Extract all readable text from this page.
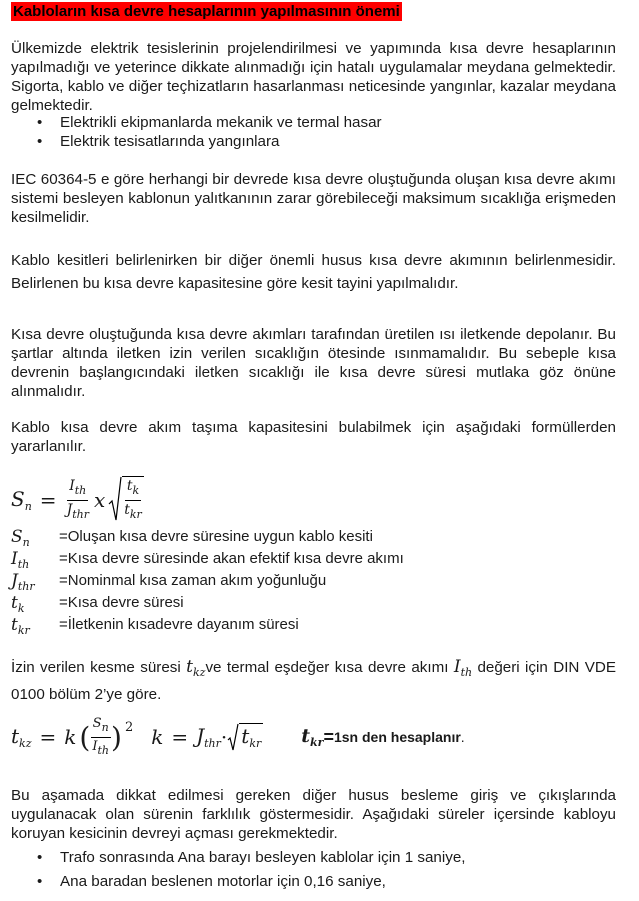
Kabloların kısa devre hesaplarının yapılmasının önemi

Ülkemizde elektrik tesislerinin projelendirilmesi ve yapımında kısa devre hesaplarının yapılmadığı ve yeterince dikkate alınmadığı için hatalı uygulamalar meydana gelmektedir. Sigorta, kablo ve diğer teçhizatların hasarlanması neticesinde yangınlar, kazalar meydana gelmektedir.

• Elektrikli ekipmanlarda mekanik ve termal hasar
• Elektrik tesisatlarında yangınlara

IEC 60364-5 e göre herhangi bir devrede kısa devre oluştuğunda oluşan kısa devre akımı sistemi besleyen kablonun yalıtkanının zarar görebileceği maksimum sıcaklığa erişmeden kesilmelidir.

Kablo kesitleri belirlenirken bir diğer önemli husus kısa devre akımının belirlenmesidir. Belirlenen bu kısa devre kapasitesine göre kesit tayini yapılmalıdır.

Kısa devre oluştuğunda kısa devre akımları tarafından üretilen ısı iletkende depolanır. Bu şartlar altında iletken izin verilen sıcaklığın ötesinde ısınmamalıdır. Bu sebeple kısa devrenin başlangıcındaki iletken sıcaklığı ile kısa devre süresi mutlaka göz önüne alınmalıdır.

Kablo kısa devre akım taşıma kapasitesini bulabilmek için aşağıdaki formüllerden yararlanılır.

$S_n = \frac{I_{th}}{J_{thr}}$ x $\frac{t_k}{t_{kr}}$
$S_n$ =Oluşan kısa devre süresine uygun kablo kesiti
$I_{th}$ =Kısa devre süresinde akan efektif kısa devre akımı
$J_{thr}$ =Nominmal kısa zaman akım yoğunluğu
$t_k$ =Kısa devre süresi
$t_{kr}$ =İletkenin kısadevre dayanım süresi

İzin verilen kesme süresi $t_{kz}ve$ termal eşdeğer kısa devre akımı $I_{th}$ değeri için DIN VDE 0100 bölüm 2’ye göre.

$t_{kz} = k$ ( $\frac{S_n}{I_{th}}$ ) 2 $k = J_{thr} \cdot t_{kr}$ $t_{kr} = 1sn$ den hesaplanır .

Bu aşamada dikkat edilmesi gereken diğer husus besleme giriş ve çıkışlarında uygulanacak olan sürenin farklılık göstermesidir. Aşağıdaki süreler içersinde kabloyu koruyan kesicinin devreyi açması gerekmektedir.

• Trafo sonrasında Ana barayı besleyen kablolar için 1 saniye,
• Ana baradan beslenen motorlar için 0,16 saniye,
